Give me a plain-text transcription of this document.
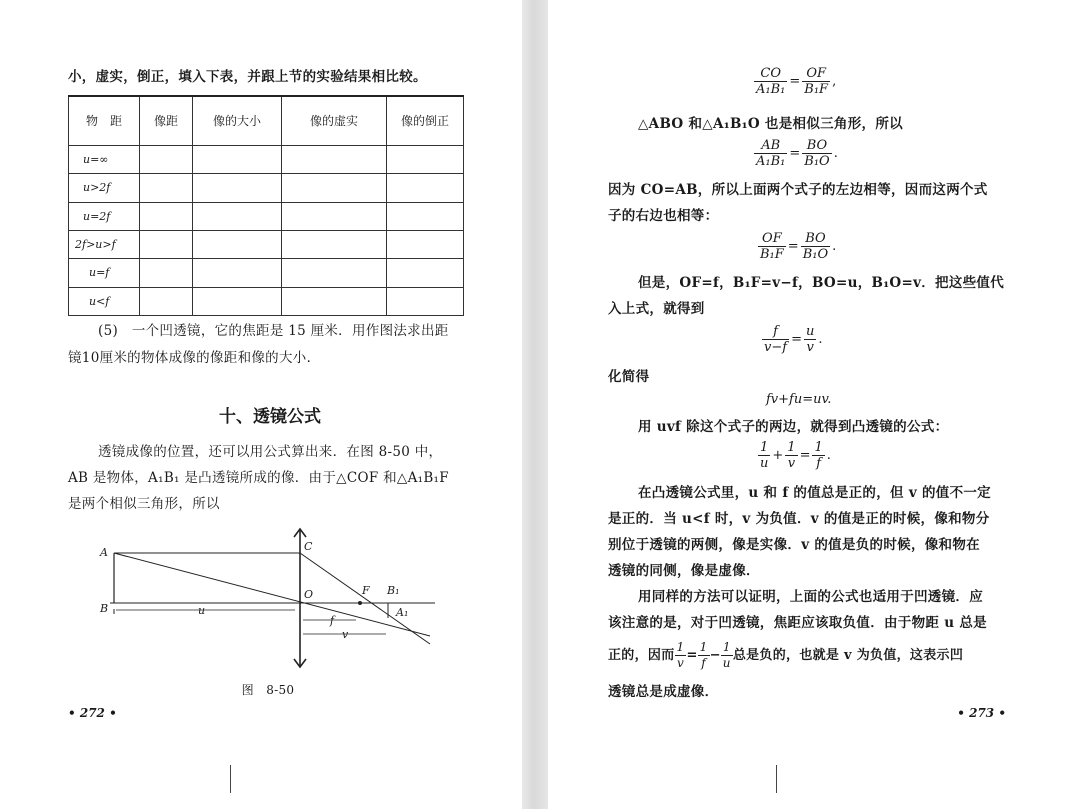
小，虚实，倒正，填入下表，并跟上节的实验结果相比较。
物　距	像距	像的大小	像的虚实	像的倒正
u=∞				
u>2f				
u=2f				
2f>u>f				
u=f				
u<f				
(5)　一个凹透镜，它的焦距是 15 厘米．用作图法求出距
镜10厘米的物体成像的像距和像的大小．
十、透镜公式
透镜成像的位置，还可以用公式算出来．在图 8-50 中，
AB 是物体，A₁B₁ 是凸透镜所成的像．由于△COF 和△A₁B₁F
是两个相似三角形，所以
A
B
C
O	F B₁
A₁
u
f
v
图　8-50
• 272 •
$\frac{CO}{\text{A₁B₁}} = \frac{OF}{\text{B₁F}}$ ,
△ABO 和△A₁B₁O 也是相似三角形，所以
$\frac{AB}{\text{A₁B₁}} = \frac{BO}{\text{B₁O}}$ .
因为 CO=AB，所以上面两个式子的左边相等，因而这两个式
子的右边也相等：
$\frac{OF}{\text{B₁F}} = \frac{BO}{\text{B₁O}}$ .
但是，OF=f，B₁F=v−f，BO=u，B₁O=v．把这些值代
入上式，就得到
$\frac{f}{v-f} = \frac{u}{v}$ .
化简得
fv+fu=uv.
用 uvf 除这个式子的两边，就得到凸透镜的公式：
$\frac{1}{u} + \frac{1}{v} = \frac{1}{f}$ .
在凸透镜公式里，u 和 f 的值总是正的，但 v 的值不一定
是正的．当 u<f 时，v 为负值．v 的值是正的时候，像和物分
别位于透镜的两侧，像是实像．v 的值是负的时候，像和物在
透镜的同侧，像是虚像．
用同样的方法可以证明，上面的公式也适用于凹透镜．应
该注意的是，对于凹透镜，焦距应该取负值．由于物距 u 总是
正的，因而 $\frac{1}{v} = \frac{1}{f} - \frac{1}{u}$ 总是负的，也就是 v 为负值，这表示凹
透镜总是成虚像．
• 273 •
